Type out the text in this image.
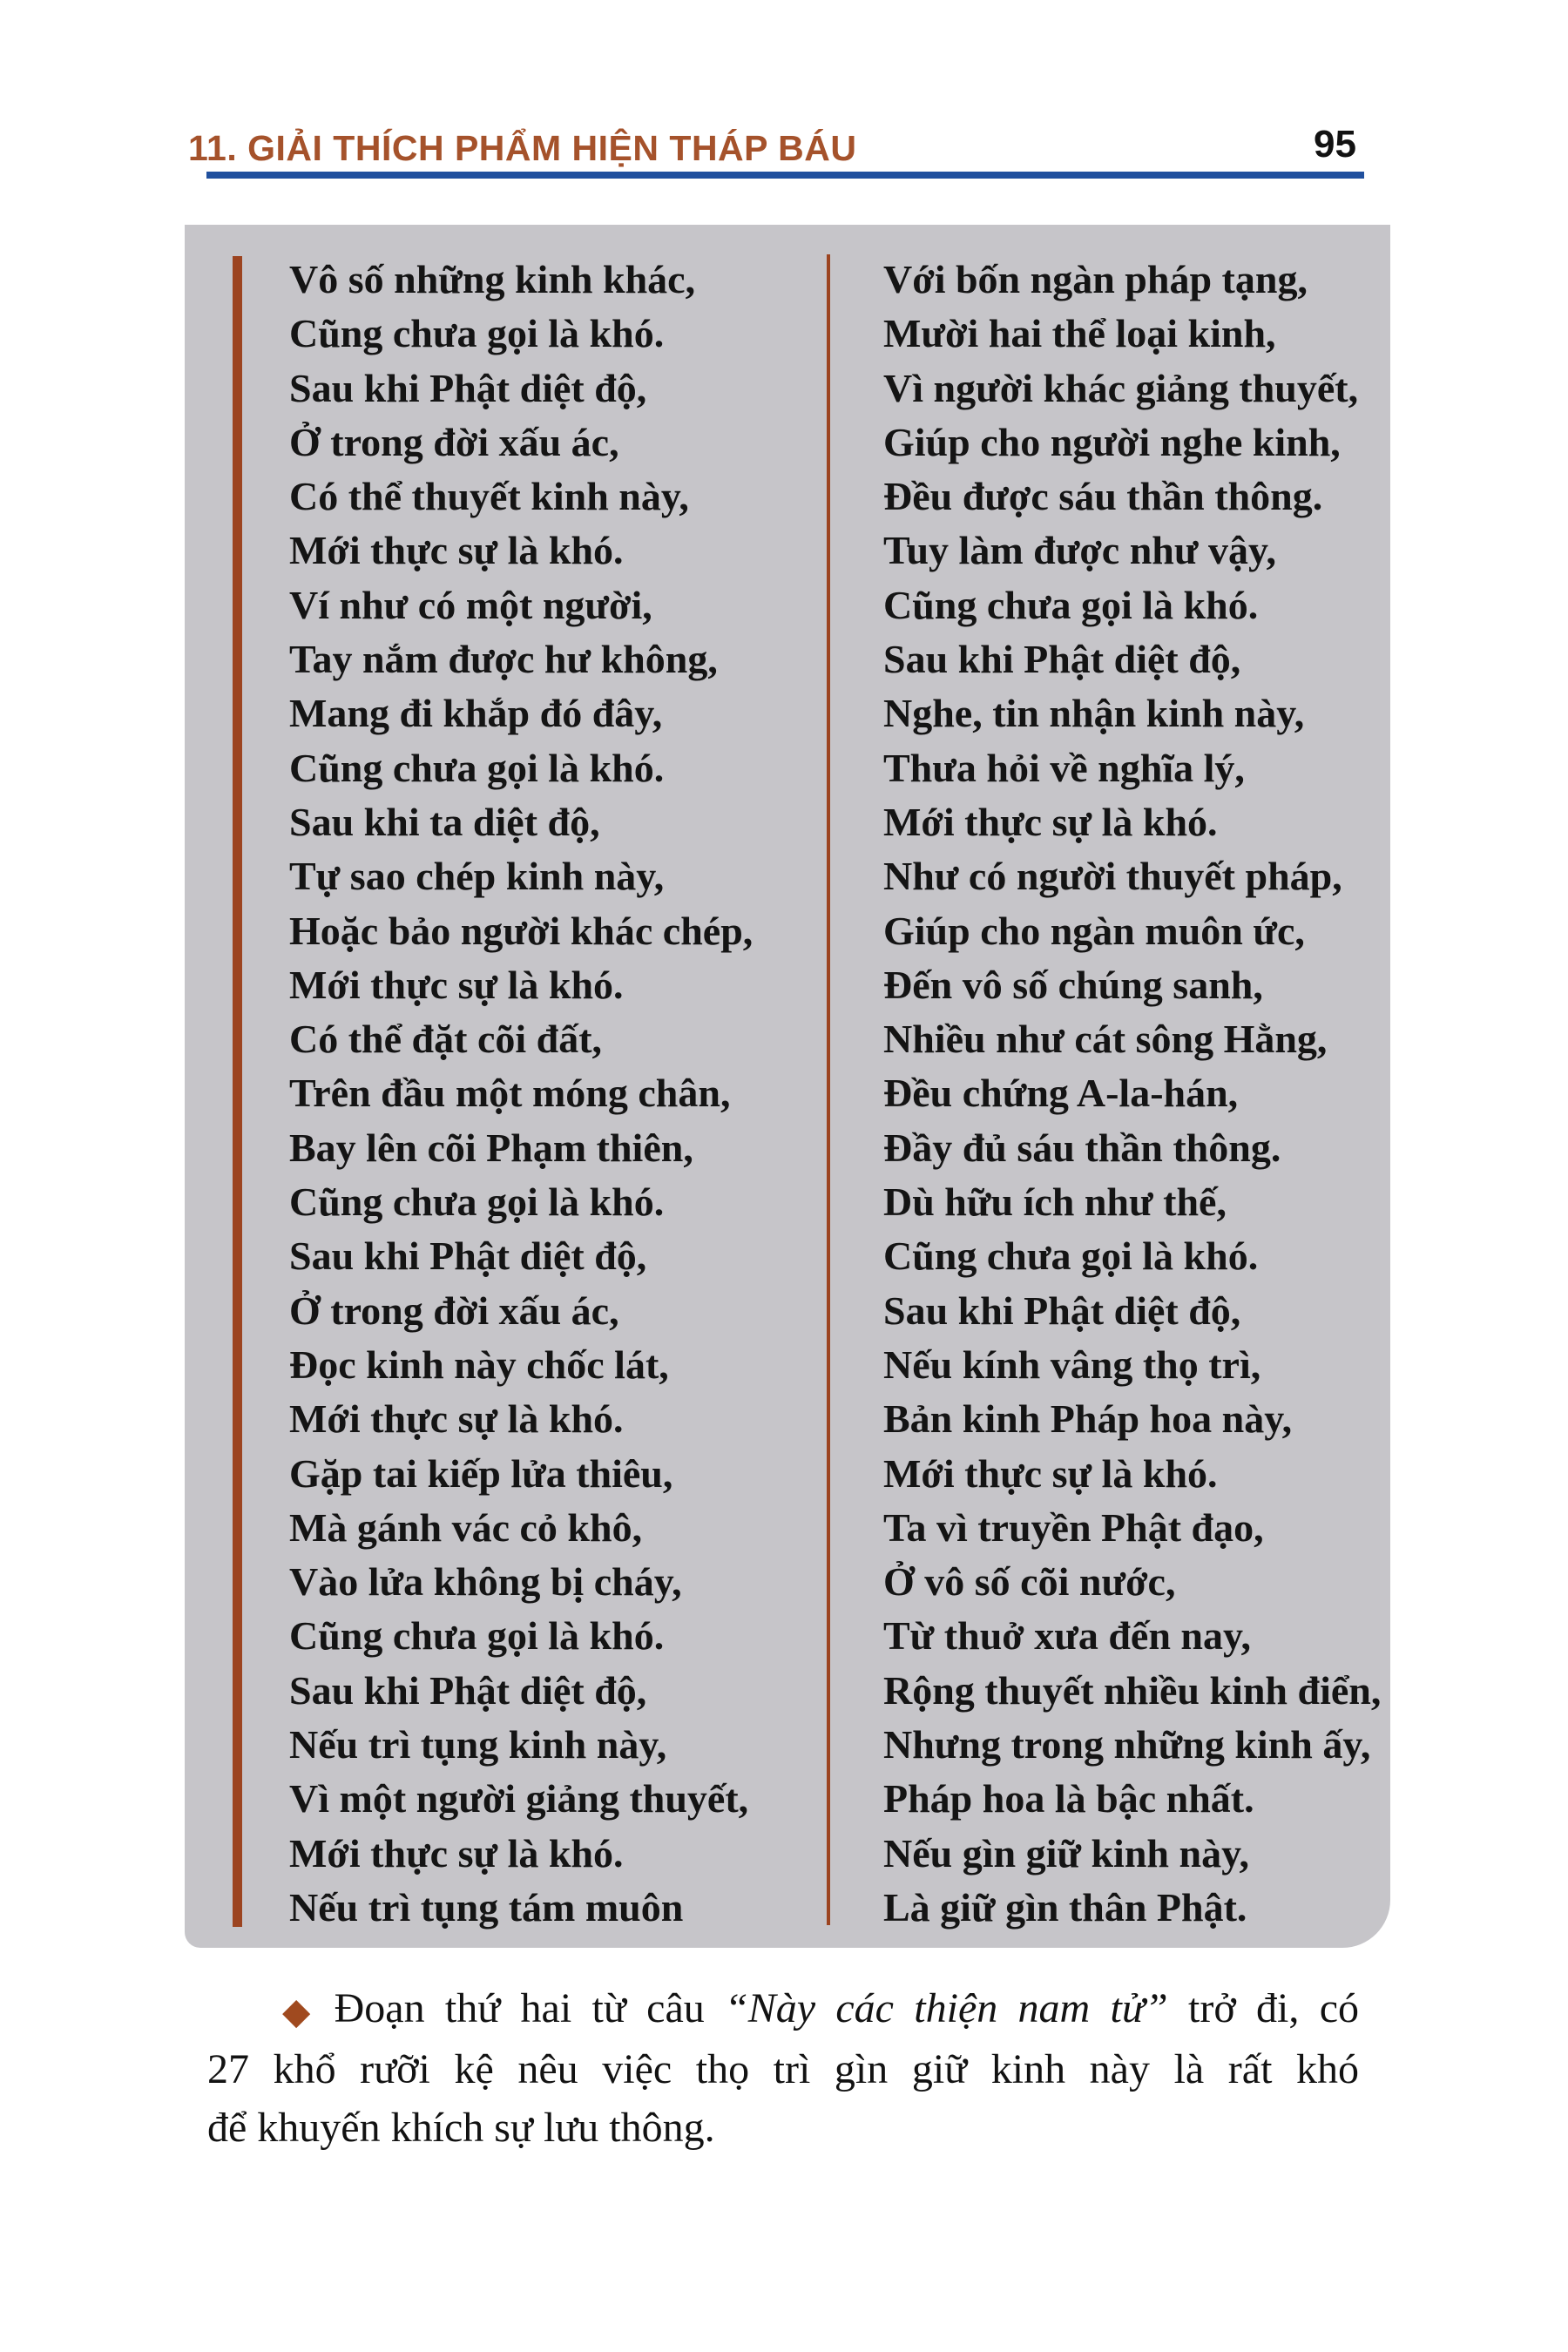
11. GIẢI THÍCH PHẨM HIỆN THÁP BÁU	95
Vô số những kinh khác,
Cũng chưa gọi là khó.
Sau khi Phật diệt độ,
Ở trong đời xấu ác,
Có thể thuyết kinh này,
Mới thực sự là khó.
Ví như có một người,
Tay nắm được hư không,
Mang đi khắp đó đây,
Cũng chưa gọi là khó.
Sau khi ta diệt độ,
Tự sao chép kinh này,
Hoặc bảo người khác chép,
Mới thực sự là khó.
Có thể đặt cõi đất,
Trên đầu một móng chân,
Bay lên cõi Phạm thiên,
Cũng chưa gọi là khó.
Sau khi Phật diệt độ,
Ở trong đời xấu ác,
Đọc kinh này chốc lát,
Mới thực sự là khó.
Gặp tai kiếp lửa thiêu,
Mà gánh vác cỏ khô,
Vào lửa không bị cháy,
Cũng chưa gọi là khó.
Sau khi Phật diệt độ,
Nếu trì tụng kinh này,
Vì một người giảng thuyết,
Mới thực sự là khó.
Nếu trì tụng tám muôn
Với bốn ngàn pháp tạng,
Mười hai thể loại kinh,
Vì người khác giảng thuyết,
Giúp cho người nghe kinh,
Đều được sáu thần thông.
Tuy làm được như vậy,
Cũng chưa gọi là khó.
Sau khi Phật diệt độ,
Nghe, tin nhận kinh này,
Thưa hỏi về nghĩa lý,
Mới thực sự là khó.
Như có người thuyết pháp,
Giúp cho ngàn muôn ức,
Đến vô số chúng sanh,
Nhiều như cát sông Hằng,
Đều chứng A-la-hán,
Đầy đủ sáu thần thông.
Dù hữu ích như thế,
Cũng chưa gọi là khó.
Sau khi Phật diệt độ,
Nếu kính vâng thọ trì,
Bản kinh Pháp hoa này,
Mới thực sự là khó.
Ta vì truyền Phật đạo,
Ở vô số cõi nước,
Từ thuở xưa đến nay,
Rộng thuyết nhiều kinh điển,
Nhưng trong những kinh ấy,
Pháp hoa là bậc nhất.
Nếu gìn giữ kinh này,
Là giữ gìn thân Phật.
◆ Đoạn thứ hai từ câu “Này các thiện nam tử” trở đi, có
27 khổ rưỡi kệ nêu việc thọ trì gìn giữ kinh này là rất khó
để khuyến khích sự lưu thông.
